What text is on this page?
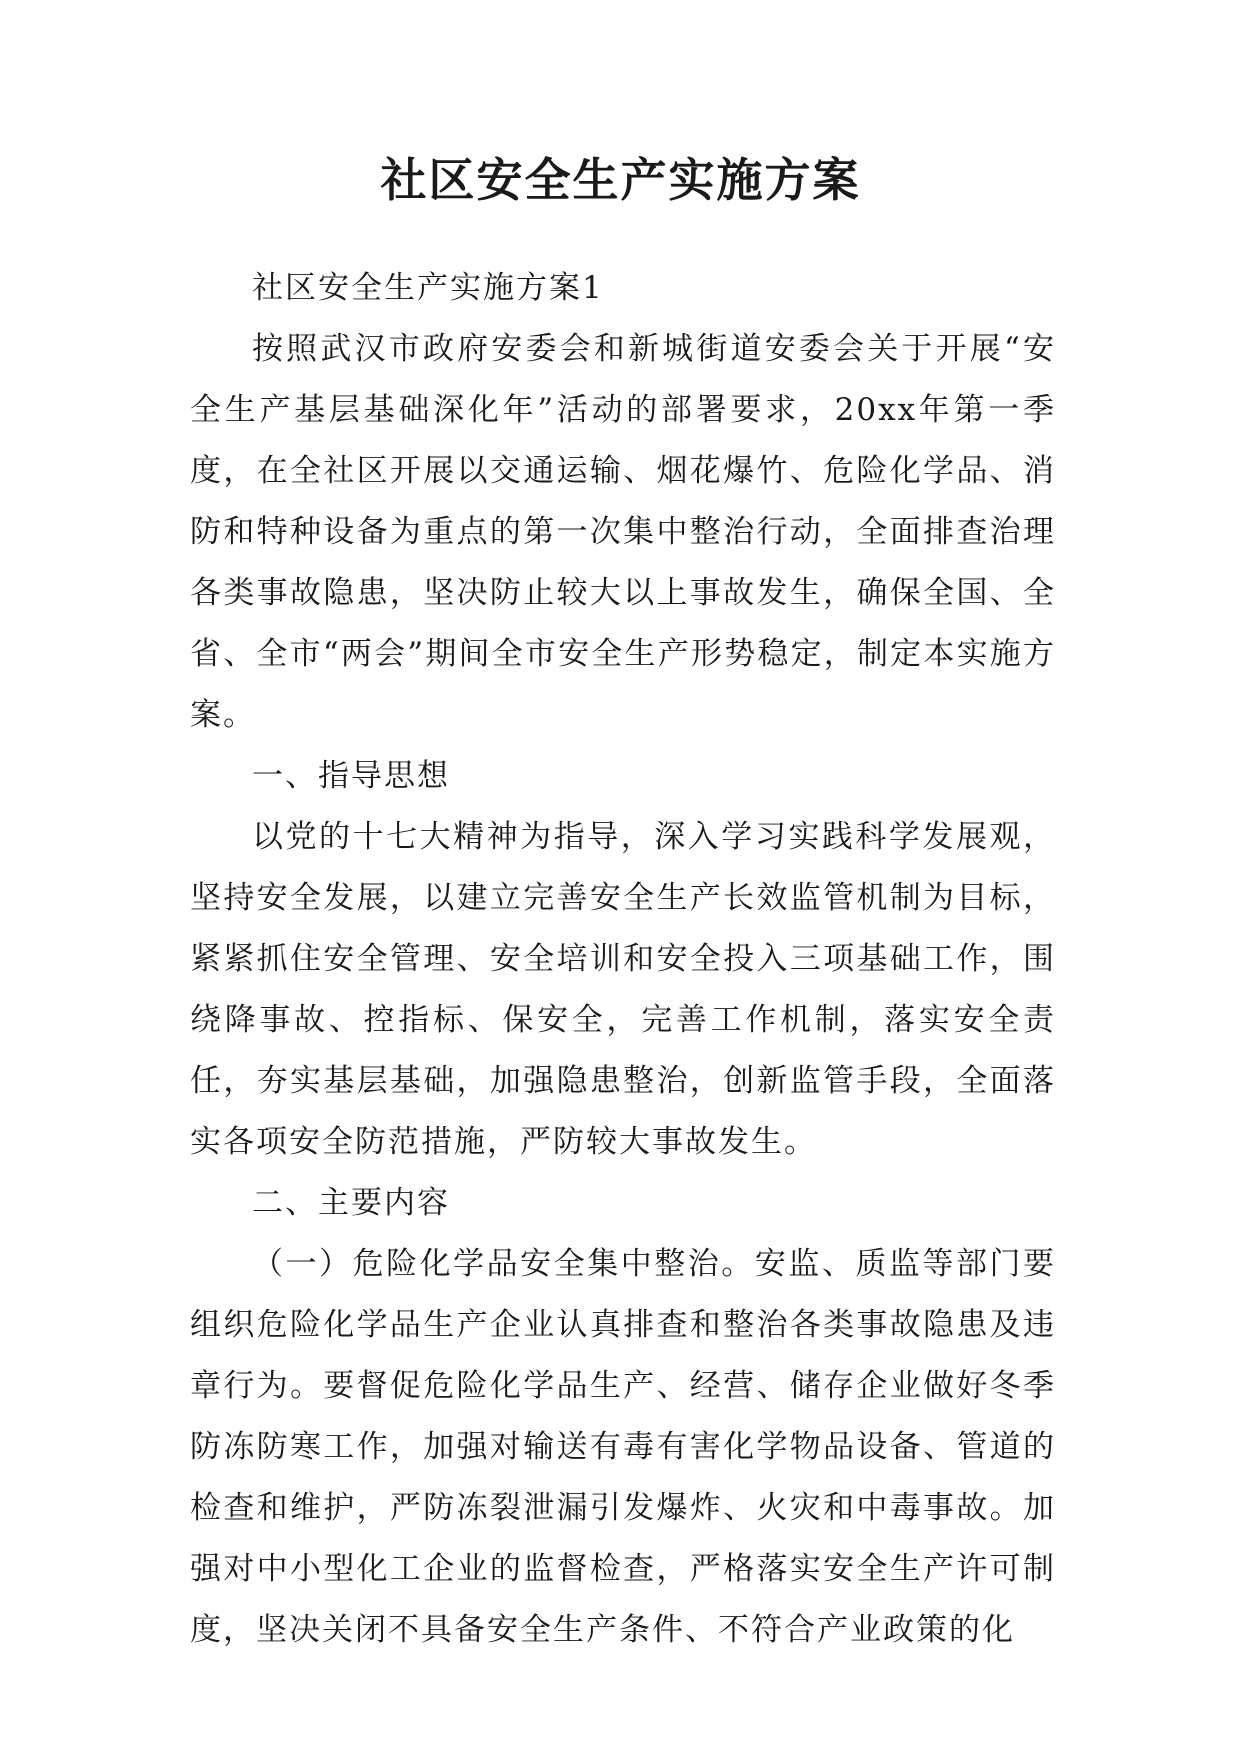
社区安全生产实施方案

社区安全生产实施方案1

按照武汉市政府安委会和新城街道安委会关于开展“安全生产基层基础深化年”活动的部署要求，20xx年第一季度，在全社区开展以交通运输、烟花爆竹、危险化学品、消防和特种设备为重点的第一次集中整治行动，全面排查治理各类事故隐患，坚决防止较大以上事故发生，确保全国、全省、全市“两会”期间全市安全生产形势稳定，制定本实施方案。

一、指导思想

以党的十七大精神为指导，深入学习实践科学发展观，坚持安全发展，以建立完善安全生产长效监管机制为目标，紧紧抓住安全管理、安全培训和安全投入三项基础工作，围绕降事故、控指标、保安全，完善工作机制，落实安全责任，夯实基层基础，加强隐患整治，创新监管手段，全面落实各项安全防范措施，严防较大事故发生。

二、主要内容

（一）危险化学品安全集中整治。安监、质监等部门要组织危险化学品生产企业认真排查和整治各类事故隐患及违章行为。要督促危险化学品生产、经营、储存企业做好冬季防冻防寒工作，加强对输送有毒有害化学物品设备、管道的检查和维护，严防冻裂泄漏引发爆炸、火灾和中毒事故。加强对中小型化工企业的监督检查，严格落实安全生产许可制度，坚决关闭不具备安全生产条件、不符合产业政策的化
